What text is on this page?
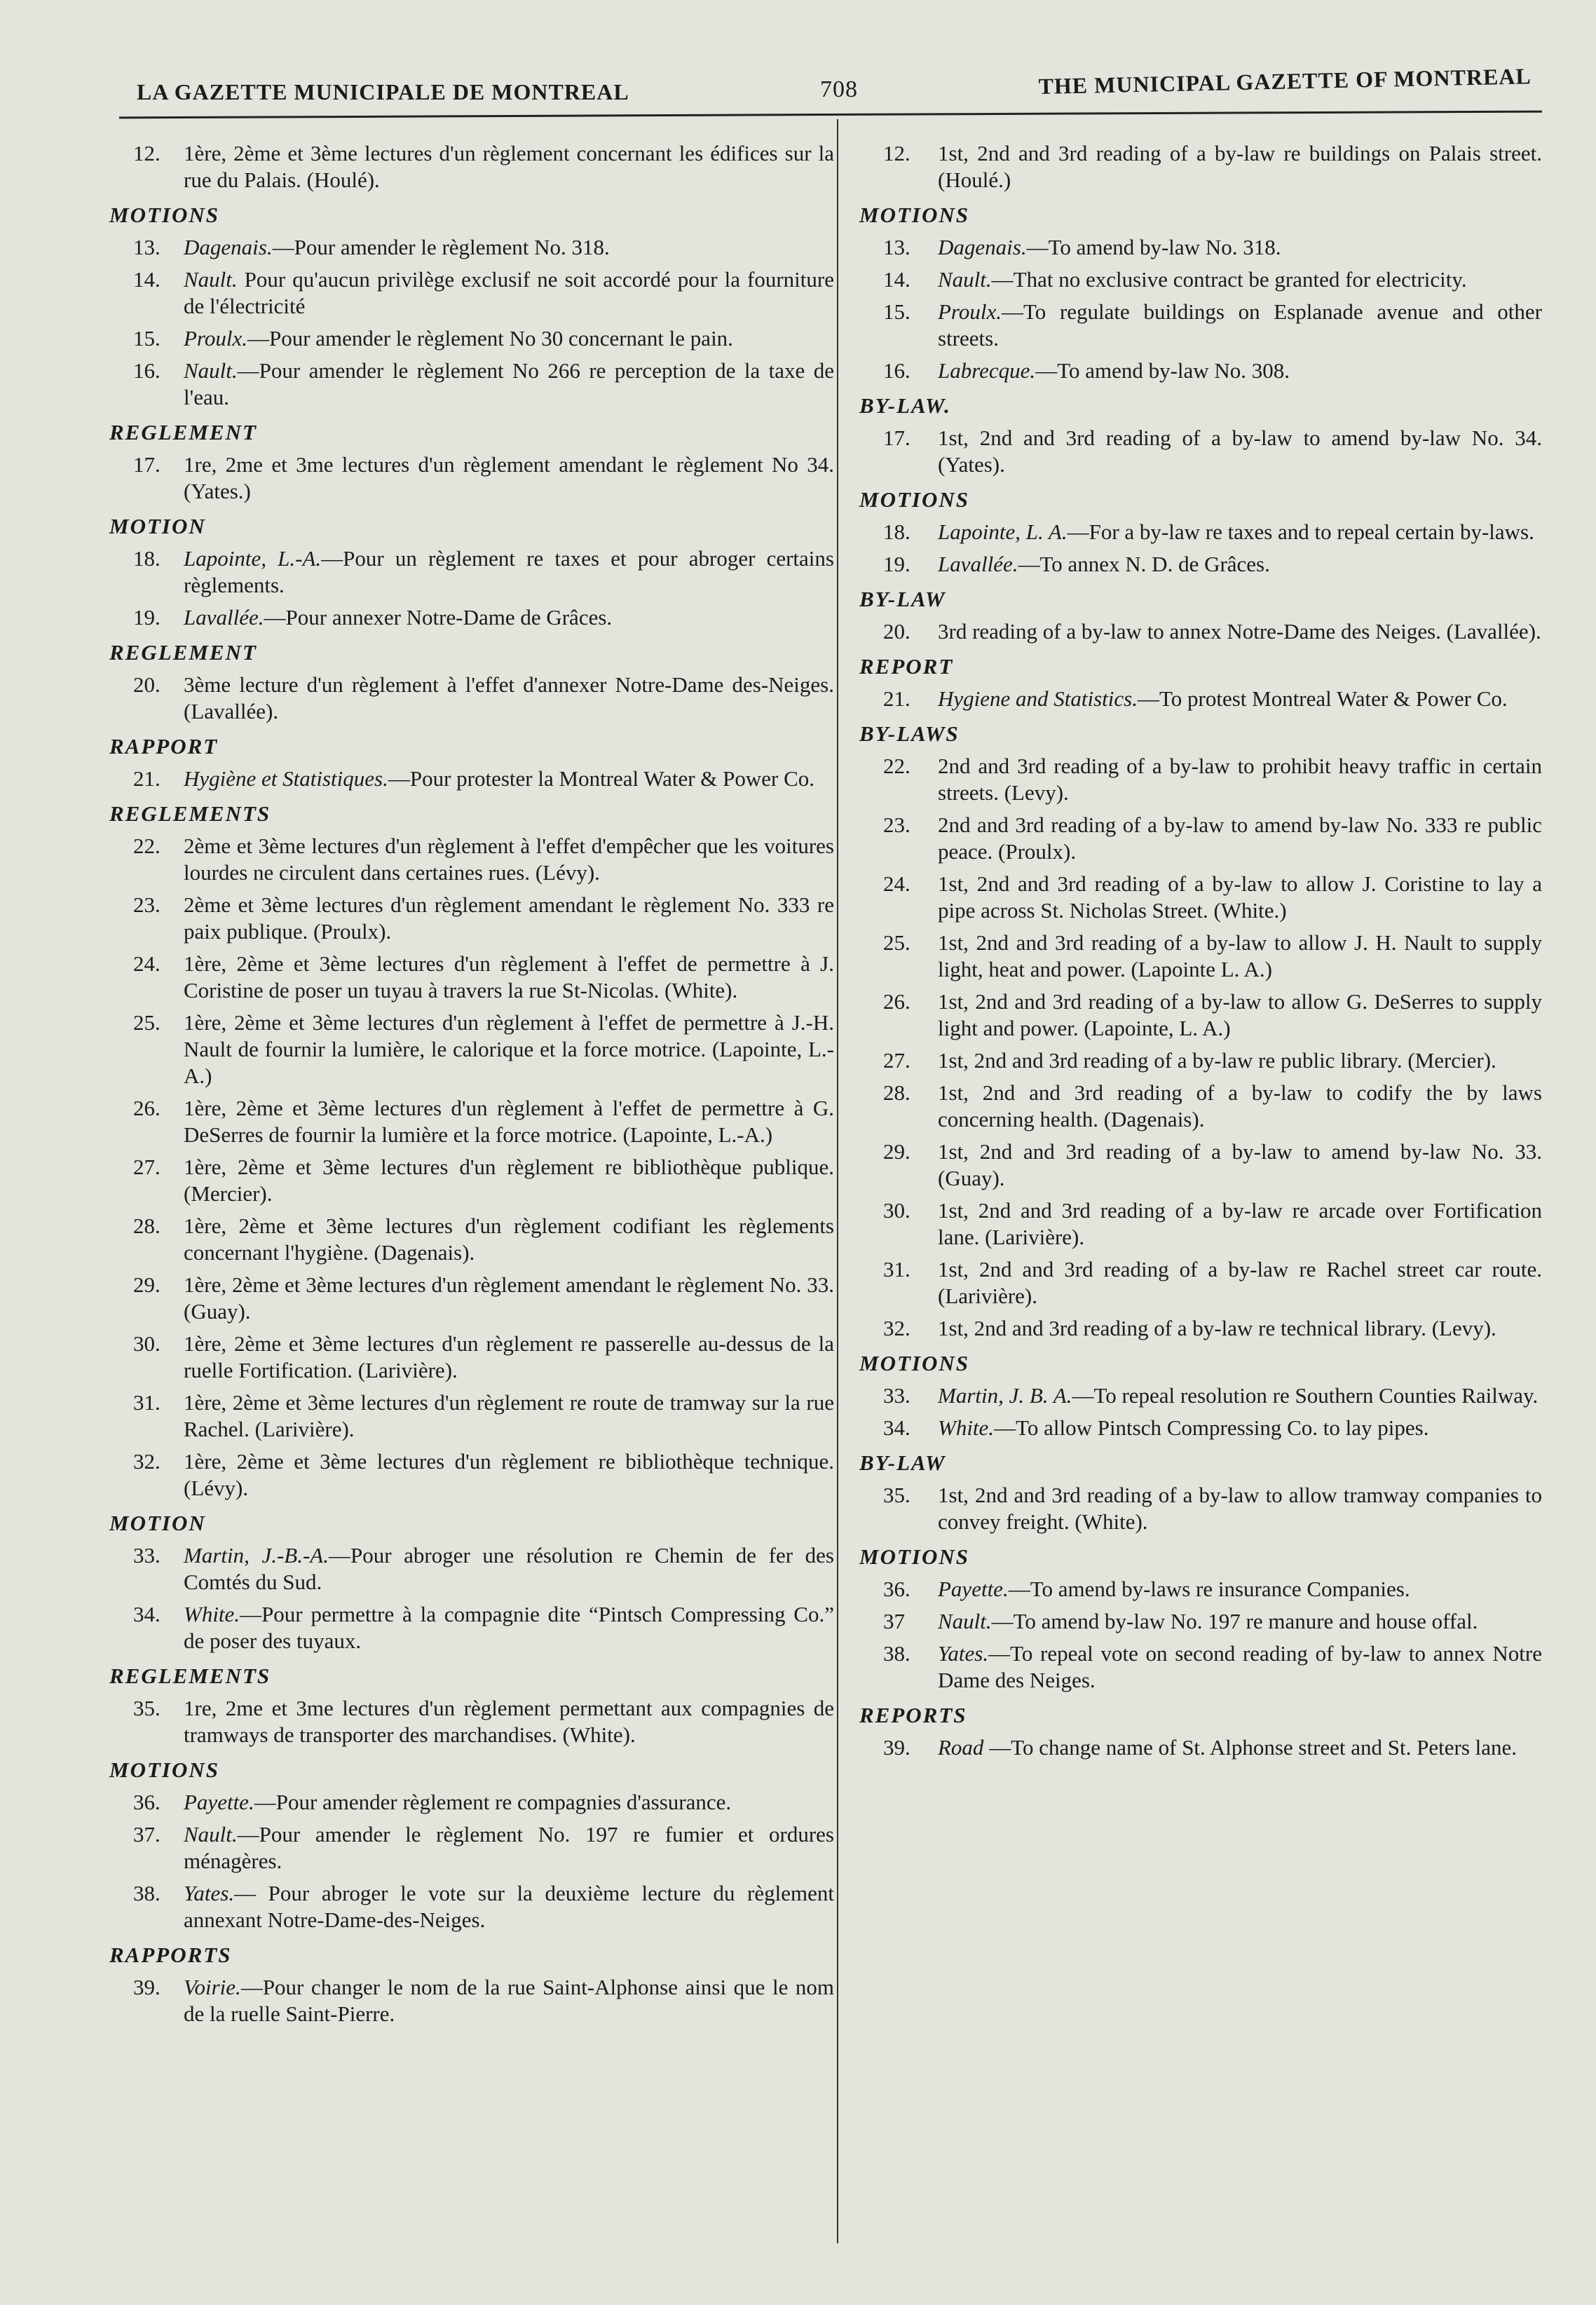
LA GAZETTE MUNICIPALE DE MONTREAL	708	THE MUNICIPAL GAZETTE OF MONTREAL
12. 1ère, 2ème et 3ème lectures d'un règlement concernant les édifices sur la rue du Palais. (Houlé).
MOTIONS
13. Dagenais.—Pour amender le règlement No. 318.
14. Nault. Pour qu'aucun privilège exclusif ne soit accordé pour la fourniture de l'électricité
15. Proulx.—Pour amender le règlement No 30 concernant le pain.
16. Nault.—Pour amender le règlement No 266 re perception de la taxe de l'eau.
REGLEMENT
17. 1re, 2me et 3me lectures d'un règlement amendant le règlement No 34. (Yates.)
MOTION
18. Lapointe, L.-A.—Pour un règlement re taxes et pour abroger certains règlements.
19. Lavallée.—Pour annexer Notre-Dame de Grâces.
REGLEMENT
20. 3ème lecture d'un règlement à l'effet d'annexer Notre-Dame des-Neiges. (Lavallée).
RAPPORT
21. Hygiène et Statistiques.—Pour protester la Montreal Water & Power Co.
REGLEMENTS
22. 2ème et 3ème lectures d'un règlement à l'effet d'empêcher que les voitures lourdes ne circulent dans certaines rues. (Lévy).
23. 2ème et 3ème lectures d'un règlement amendant le règlement No. 333 re paix publique. (Proulx).
24. 1ère, 2ème et 3ème lectures d'un règlement à l'effet de permettre à J. Coristine de poser un tuyau à travers la rue St-Nicolas. (White).
25. 1ère, 2ème et 3ème lectures d'un règlement à l'effet de permettre à J.-H. Nault de fournir la lumière, le calorique et la force motrice. (Lapointe, L.-A.)
26. 1ère, 2ème et 3ème lectures d'un règlement à l'effet de permettre à G. DeSerres de fournir la lumière et la force motrice. (Lapointe, L.-A.)
27. 1ère, 2ème et 3ème lectures d'un règlement re bibliothèque publique. (Mercier).
28. 1ère, 2ème et 3ème lectures d'un règlement codifiant les règlements concernant l'hygiène. (Dagenais).
29. 1ère, 2ème et 3ème lectures d'un règlement amendant le règlement No. 33. (Guay).
30. 1ère, 2ème et 3ème lectures d'un règlement re passerelle au-dessus de la ruelle Fortification. (Larivière).
31. 1ère, 2ème et 3ème lectures d'un règlement re route de tramway sur la rue Rachel. (Larivière).
32. 1ère, 2ème et 3ème lectures d'un règlement re bibliothèque technique. (Lévy).
MOTION
33. Martin, J.-B.-A.—Pour abroger une résolution re Chemin de fer des Comtés du Sud.
34. White.—Pour permettre à la compagnie dite “Pintsch Compressing Co.” de poser des tuyaux.
REGLEMENTS
35. 1re, 2me et 3me lectures d'un règlement permettant aux compagnies de tramways de transporter des marchandises. (White).
MOTIONS
36. Payette.—Pour amender règlement re compagnies d'assurance.
37. Nault.—Pour amender le règlement No. 197 re fumier et ordures ménagères.
38. Yates.— Pour abroger le vote sur la deuxième lecture du règlement annexant Notre-Dame-des-Neiges.
RAPPORTS
39. Voirie.—Pour changer le nom de la rue Saint-Alphonse ainsi que le nom de la ruelle Saint-Pierre.
12. 1st, 2nd and 3rd reading of a by-law re buildings on Palais street. (Houlé.)
MOTIONS
13. Dagenais.—To amend by-law No. 318.
14. Nault.—That no exclusive contract be granted for electricity.
15. Proulx.—To regulate buildings on Esplanade avenue and other streets.
16. Labrecque.—To amend by-law No. 308.
BY-LAW.
17. 1st, 2nd and 3rd reading of a by-law to amend by-law No. 34. (Yates).
MOTIONS
18. Lapointe, L. A.—For a by-law re taxes and to repeal certain by-laws.
19. Lavallée.—To annex N. D. de Grâces.
BY-LAW
20. 3rd reading of a by-law to annex Notre-Dame des Neiges. (Lavallée).
REPORT
21. Hygiene and Statistics.—To protest Montreal Water & Power Co.
BY-LAWS
22. 2nd and 3rd reading of a by-law to prohibit heavy traffic in certain streets. (Levy).
23. 2nd and 3rd reading of a by-law to amend by-law No. 333 re public peace. (Proulx).
24. 1st, 2nd and 3rd reading of a by-law to allow J. Coristine to lay a pipe across St. Nicholas Street. (White.)
25. 1st, 2nd and 3rd reading of a by-law to allow J. H. Nault to supply light, heat and power. (Lapointe L. A.)
26. 1st, 2nd and 3rd reading of a by-law to allow G. DeSerres to supply light and power. (Lapointe, L. A.)
27. 1st, 2nd and 3rd reading of a by-law re public library. (Mercier).
28. 1st, 2nd and 3rd reading of a by-law to codify the by laws concerning health. (Dagenais).
29. 1st, 2nd and 3rd reading of a by-law to amend by-law No. 33. (Guay).
30. 1st, 2nd and 3rd reading of a by-law re arcade over Fortification lane. (Larivière).
31. 1st, 2nd and 3rd reading of a by-law re Rachel street car route. (Larivière).
32. 1st, 2nd and 3rd reading of a by-law re technical library. (Levy).
MOTIONS
33. Martin, J. B. A.—To repeal resolution re Southern Counties Railway.
34. White.—To allow Pintsch Compressing Co. to lay pipes.
BY-LAW
35. 1st, 2nd and 3rd reading of a by-law to allow tramway companies to convey freight. (White).
MOTIONS
36. Payette.—To amend by-laws re insurance Companies.
37 Nault.—To amend by-law No. 197 re manure and house offal.
38. Yates.—To repeal vote on second reading of by-law to annex Notre Dame des Neiges.
REPORTS
39. Road —To change name of St. Alphonse street and St. Peters lane.
